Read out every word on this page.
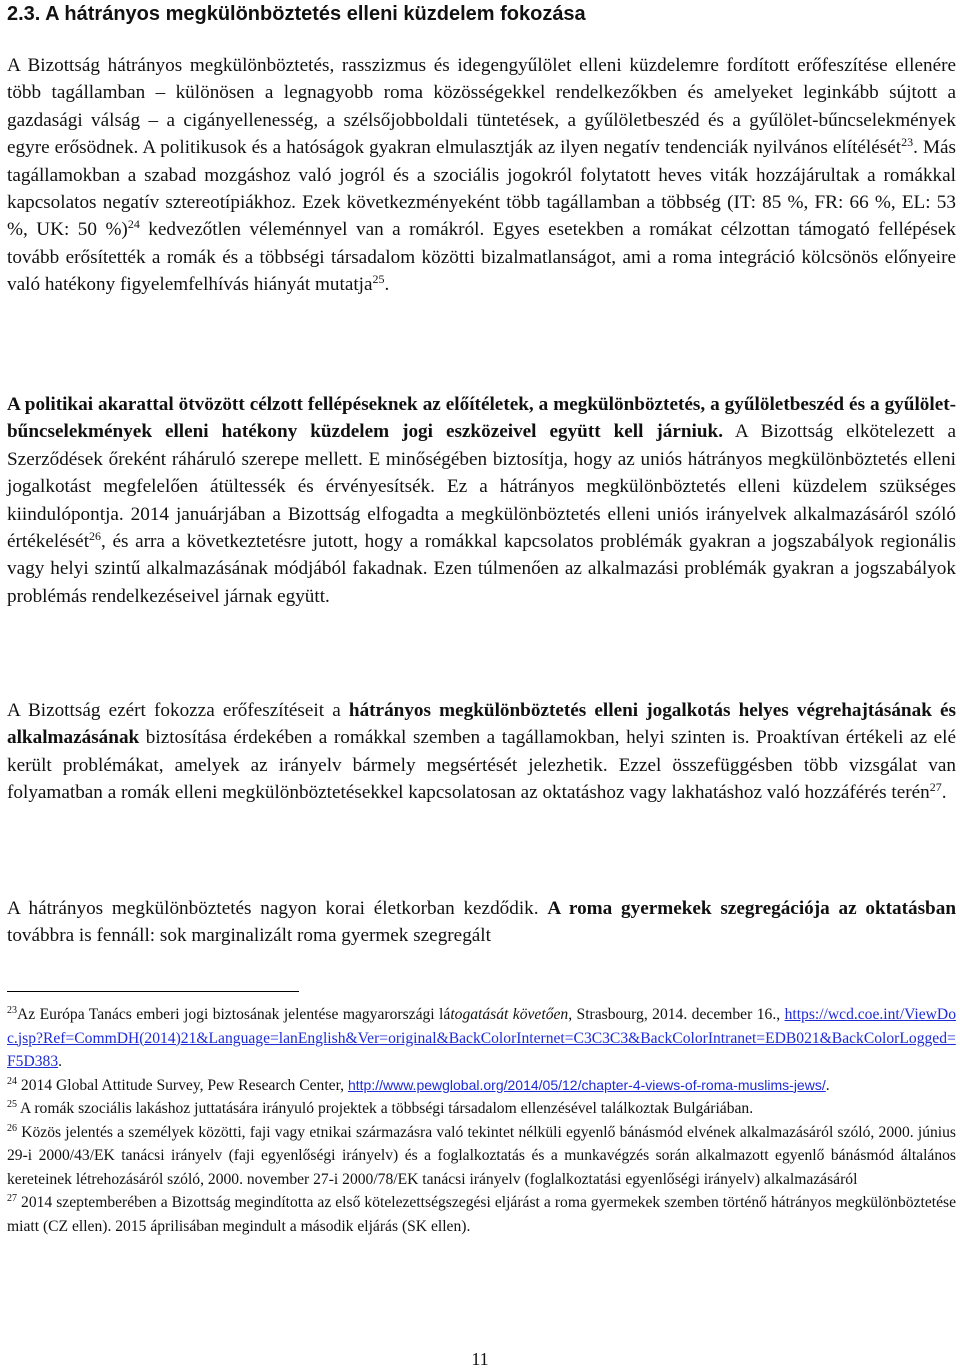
2.3. A hátrányos megkülönböztetés elleni küzdelem fokozása

A Bizottság hátrányos megkülönböztetés, rasszizmus és idegengyűlölet elleni küzdelemre fordított erőfeszítése ellenére több tagállamban – különösen a legnagyobb roma közösségekkel rendelkezőkben és amelyeket leginkább sújtott a gazdasági válság – a cigányellenesség, a szélsőjobboldali tüntetések, a gyűlöletbeszéd és a gyűlölet-bűncselekmények egyre erősödnek. A politikusok és a hatóságok gyakran elmulasztják az ilyen negatív tendenciák nyilvános elítélését$^{23}$. Más tagállamokban a szabad mozgáshoz való jogról és a szociális jogokról folytatott heves viták hozzájárultak a romákkal kapcsolatos negatív sztereotípiákhoz. Ezek következményeként több tagállamban a többség (IT: 85 %, FR: 66 %, EL: 53 %, UK: 50 %)$^{24}$ kedvezőtlen véleménnyel van a romákról. Egyes esetekben a romákat célzottan támogató fellépések tovább erősítették a romák és a többségi társadalom közötti bizalmatlanságot, ami a roma integráció kölcsönös előnyeire való hatékony figyelemfelhívás hiányát mutatja$^{25}$.

A politikai akarattal ötvözött célzott fellépéseknek az előítéletek, a megkülönböztetés, a gyűlöletbeszéd és a gyűlölet-bűncselekmények elleni hatékony küzdelem jogi eszközeivel együtt kell járniuk. A Bizottság elkötelezett a Szerződések őreként ráháruló szerepe mellett. E minőségében biztosítja, hogy az uniós hátrányos megkülönböztetés elleni jogalkotást megfelelően átültessék és érvényesítsék. Ez a hátrányos megkülönböztetés elleni küzdelem szükséges kiindulópontja. 2014 januárjában a Bizottság elfogadta a megkülönböztetés elleni uniós irányelvek alkalmazásáról szóló értékelését$^{26}$, és arra a következtetésre jutott, hogy a romákkal kapcsolatos problémák gyakran a jogszabályok regionális vagy helyi szintű alkalmazásának módjából fakadnak. Ezen túlmenően az alkalmazási problémák gyakran a jogszabályok problémás rendelkezéseivel járnak együtt.

A Bizottság ezért fokozza erőfeszítéseit a hátrányos megkülönböztetés elleni jogalkotás helyes végrehajtásának és alkalmazásának biztosítása érdekében a romákkal szemben a tagállamokban, helyi szinten is. Proaktívan értékeli az elé került problémákat, amelyek az irányelv bármely megsértését jelezhetik. Ezzel összefüggésben több vizsgálat van folyamatban a romák elleni megkülönböztetésekkel kapcsolatosan az oktatáshoz vagy lakhatáshoz való hozzáférés terén$^{27}$.

A hátrányos megkülönböztetés nagyon korai életkorban kezdődik. A roma gyermekek szegregációja az oktatásban továbbra is fennáll: sok marginalizált roma gyermek szegregált

$^{23}$Az Európa Tanács emberi jogi biztosának jelentése magyarországi látogatását követően, Strasbourg, 2014. december 16., https://wcd.coe.int/ViewDoc.jsp?Ref=CommDH(2014)21&Language=lanEnglish&Ver=original&BackColorInternet=C3C3C3&BackColorIntranet=EDB021&BackColorLogged=F5D383.

$^{24}$ 2014 Global Attitude Survey, Pew Research Center, http://www.pewglobal.org/2014/05/12/chapter-4-views-of-roma-muslims-jews/.

$^{25}$ A romák szociális lakáshoz juttatására irányuló projektek a többségi társadalom ellenzésével találkoztak Bulgáriában.

$^{26}$ Közös jelentés a személyek közötti, faji vagy etnikai származásra való tekintet nélküli egyenlő bánásmód elvének alkalmazásáról szóló, 2000. június 29-i 2000/43/EK tanácsi irányelv (faji egyenlőségi irányelv) és a foglalkoztatás és a munkavégzés során alkalmazott egyenlő bánásmód általános kereteinek létrehozásáról szóló, 2000. november 27-i 2000/78/EK tanácsi irányelv (foglalkoztatási egyenlőségi irányelv) alkalmazásáról

$^{27}$ 2014 szeptemberében a Bizottság megindította az első kötelezettségszegési eljárást a roma gyermekek szemben történő hátrányos megkülönböztetése miatt (CZ ellen). 2015 áprilisában megindult a második eljárás (SK ellen).

11
